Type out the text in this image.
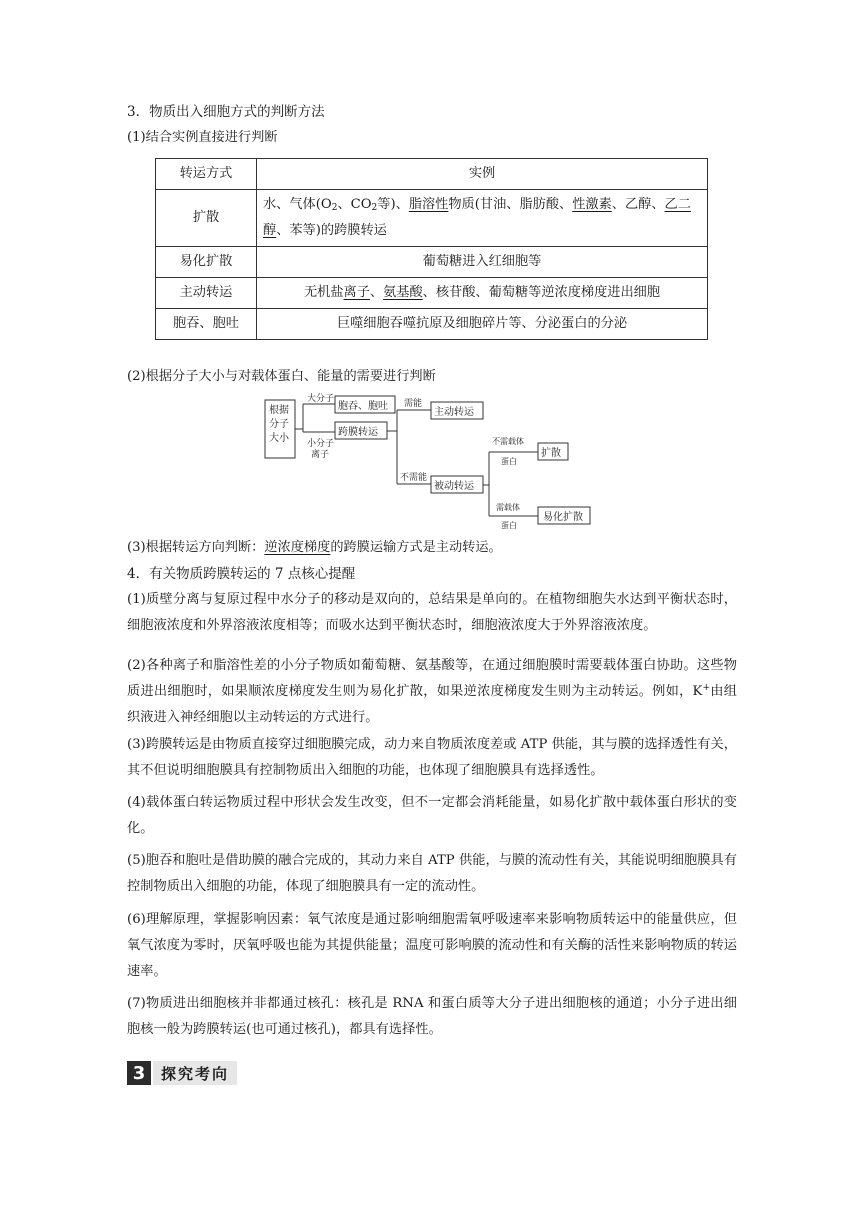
3．物质出入细胞方式的判断方法
(1)结合实例直接进行判断
转运方式	实例
扩散	水、气体($O_2$、$CO_2$等)、脂溶性物质(甘油、脂肪酸、性激素、乙醇、乙二醇、苯等)的跨膜转运
易化扩散	葡萄糖进入红细胞等
主动转运	无机盐离子、氨基酸、核苷酸、葡萄糖等逆浓度梯度进出细胞
胞吞、胞吐	巨噬细胞吞噬抗原及细胞碎片等、分泌蛋白的分泌
(2)根据分子大小与对载体蛋白、能量的需要进行判断
根据
分子
大小
大分子
胞吞、胞吐
小分子
离子
跨膜转运
需能
主动转运
不需能
被动转运
不需载体
蛋白
扩散
需载体
蛋白
易化扩散
(3)根据转运方向判断：逆浓度梯度的跨膜运输方式是主动转运。
4．有关物质跨膜转运的 7 点核心提醒
(1)质壁分离与复原过程中水分子的移动是双向的，总结果是单向的。在植物细胞失水达到平衡状态时，细胞液浓度和外界溶液浓度相等；而吸水达到平衡状态时，细胞液浓度大于外界溶液浓度。
(2)各种离子和脂溶性差的小分子物质如葡萄糖、氨基酸等，在通过细胞膜时需要载体蛋白协助。这些物质进出细胞时，如果顺浓度梯度发生则为易化扩散，如果逆浓度梯度发生则为主动转运。例如，K+由组织液进入神经细胞以主动转运的方式进行。
(3)跨膜转运是由物质直接穿过细胞膜完成，动力来自物质浓度差或 ATP 供能，其与膜的选择透性有关，其不但说明细胞膜具有控制物质出入细胞的功能，也体现了细胞膜具有选择透性。
(4)载体蛋白转运物质过程中形状会发生改变，但不一定都会消耗能量，如易化扩散中载体蛋白形状的变化。
(5)胞吞和胞吐是借助膜的融合完成的，其动力来自 ATP 供能，与膜的流动性有关，其能说明细胞膜具有控制物质出入细胞的功能，体现了细胞膜具有一定的流动性。
(6)理解原理，掌握影响因素：氧气浓度是通过影响细胞需氧呼吸速率来影响物质转运中的能量供应，但氧气浓度为零时，厌氧呼吸也能为其提供能量；温度可影响膜的流动性和有关酶的活性来影响物质的转运速率。
(7)物质进出细胞核并非都通过核孔：核孔是 RNA 和蛋白质等大分子进出细胞核的通道；小分子进出细胞核一般为跨膜转运(也可通过核孔)，都具有选择性。
3	探究考向
